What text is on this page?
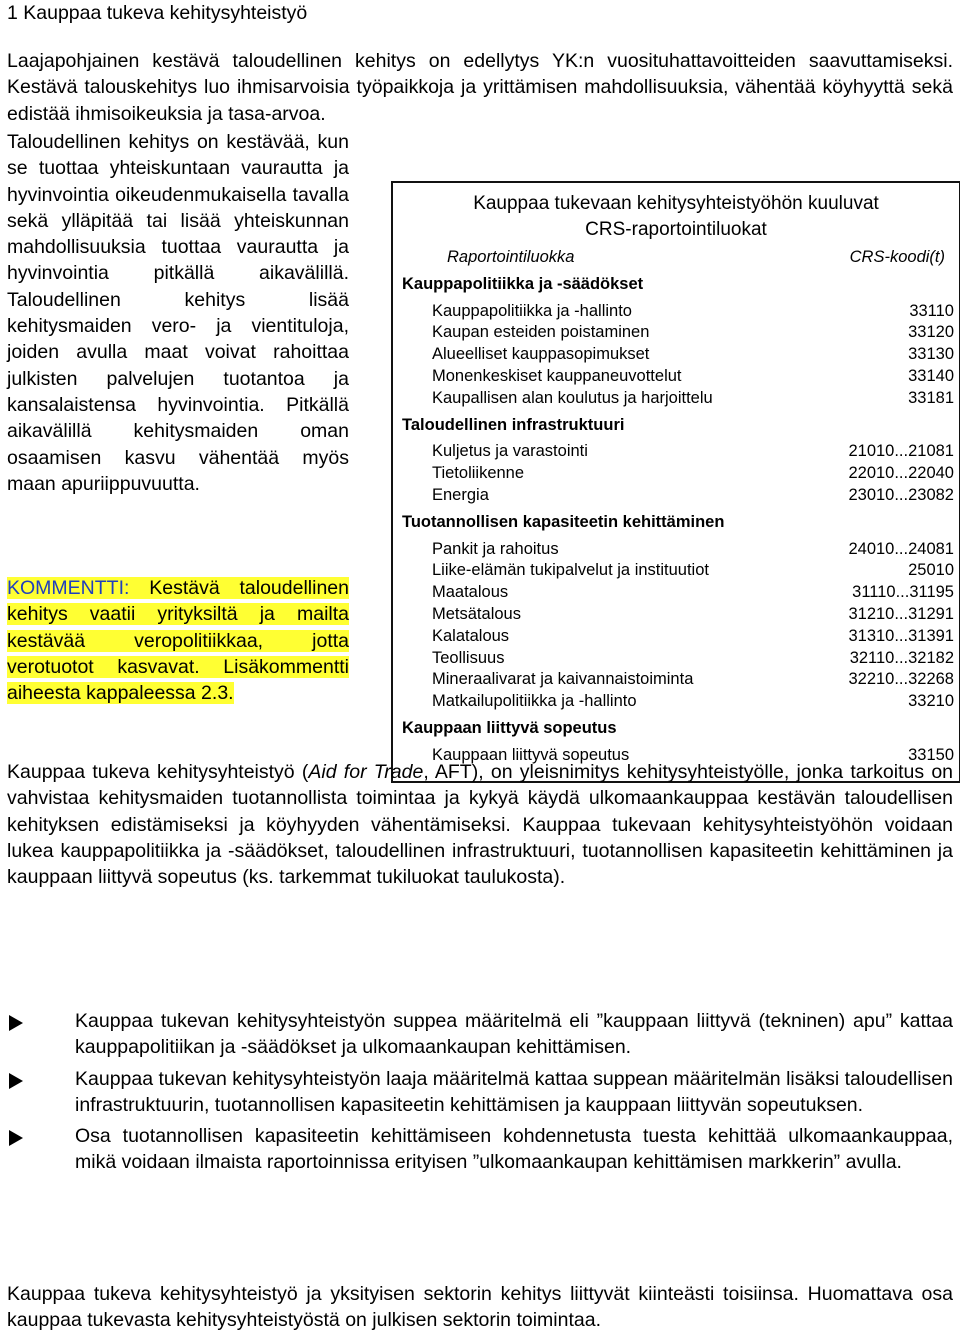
1 Kauppaa tukeva kehitysyhteistyö

Laajapohjainen kestävä taloudellinen kehitys on edellytys YK:n vuosituhattavoitteiden saavuttamiseksi. Kestävä talouskehitys luo ihmisarvoisia työpaikkoja ja yrittämisen mahdollisuuksia, vähentää köyhyyttä sekä edistää ihmisoikeuksia ja tasa-arvoa.

Taloudellinen kehitys on kestävää, kun se tuottaa yhteiskuntaan vaurautta ja hyvinvointia oikeudenmukaisella tavalla sekä ylläpitää tai lisää yhteiskunnan mahdollisuuksia tuottaa vaurautta ja hyvinvointia pitkällä aikavälillä. Taloudellinen kehitys lisää kehitysmaiden vero- ja vientituloja, joiden avulla maat voivat rahoittaa julkisten palvelujen tuotantoa ja kansalaistensa hyvinvointia. Pitkällä aikavälillä kehitysmaiden oman osaamisen kasvu vähentää myös maan apuriippuvuutta.

KOMMENTTI: Kestävä taloudellinen kehitys vaatii yrityksiltä ja mailta kestävää veropolitiikkaa, jotta verotuotot kasvavat. Lisäkommentti aiheesta kappaleessa 2.3.

Kauppaa tukevaan kehitysyhteistyöhön kuuluvat
CRS-raportointiluokat
Raportointiluokka	CRS-koodi(t)
Kauppapolitiikka ja -säädökset
Kauppapolitiikka ja -hallinto	33110
Kaupan esteiden poistaminen	33120
Alueelliset kauppasopimukset	33130
Monenkeskiset kauppaneuvottelut	33140
Kaupallisen alan koulutus ja harjoittelu	33181
Taloudellinen infrastruktuuri
Kuljetus ja varastointi	21010...21081
Tietoliikenne	22010...22040
Energia	23010...23082
Tuotannollisen kapasiteetin kehittäminen
Pankit ja rahoitus	24010...24081
Liike-elämän tukipalvelut ja instituutiot	25010
Maatalous	31110...31195
Metsätalous	31210...31291
Kalatalous	31310...31391
Teollisuus	32110...32182
Mineraalivarat ja kaivannaistoiminta	32210...32268
Matkailupolitiikka ja -hallinto	33210
Kauppaan liittyvä sopeutus
Kauppaan liittyvä sopeutus	33150

Kauppaa tukeva kehitysyhteistyö (Aid for Trade, AFT), on yleisnimitys kehitysyhteistyölle, jonka tarkoitus on vahvistaa kehitysmaiden tuotannollista toimintaa ja kykyä käydä ulkomaankauppaa kestävän taloudellisen kehityksen edistämiseksi ja köyhyyden vähentämiseksi. Kauppaa tukevaan kehitysyhteistyöhön voidaan lukea kauppapolitiikka ja -säädökset, taloudellinen infrastruktuuri, tuotannollisen kapasiteetin kehittäminen ja kauppaan liittyvä sopeutus (ks. tarkemmat tukiluokat taulukosta).

Kauppaa tukevan kehitysyhteistyön suppea määritelmä eli ”kauppaan liittyvä (tekninen) apu” kattaa kauppapolitiikan ja -säädökset ja ulkomaankaupan kehittämisen.
Kauppaa tukevan kehitysyhteistyön laaja määritelmä kattaa suppean määritelmän lisäksi taloudellisen infrastruktuurin, tuotannollisen kapasiteetin kehittämisen ja kauppaan liittyvän sopeutuksen.
Osa tuotannollisen kapasiteetin kehittämiseen kohdennetusta tuesta kehittää ulkomaankauppaa, mikä voidaan ilmaista raportoinnissa erityisen ”ulkomaankaupan kehittämisen markkerin” avulla.

Kauppaa tukeva kehitysyhteistyö ja yksityisen sektorin kehitys liittyvät kiinteästi toisiinsa. Huomattava osa kauppaa tukevasta kehitysyhteistyöstä on julkisen sektorin toimintaa.
